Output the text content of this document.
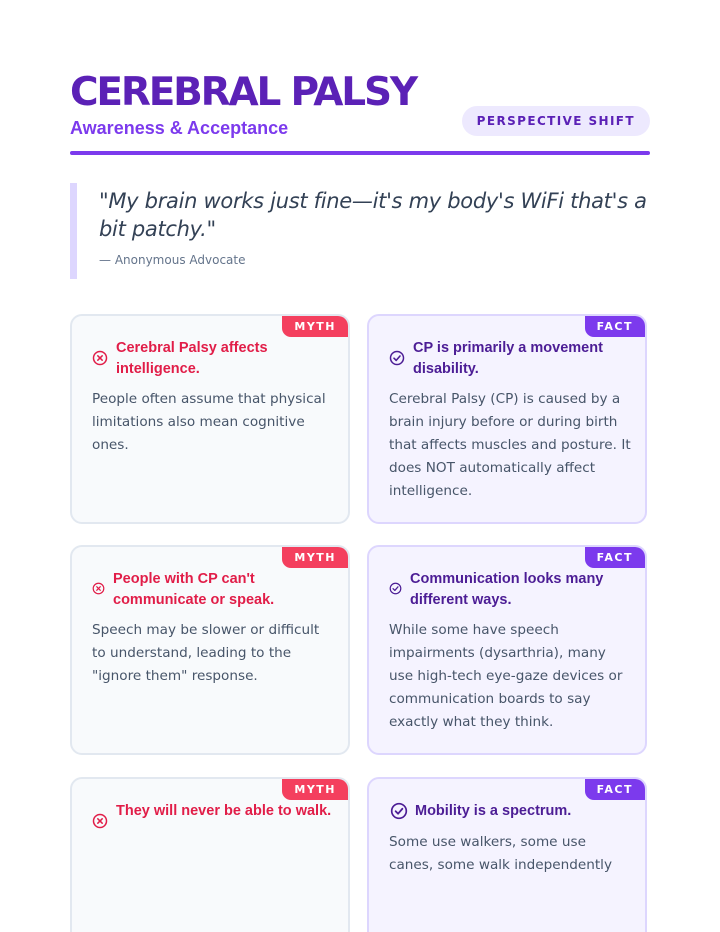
CEREBRAL PALSY
Awareness & Acceptance	PERSPECTIVE SHIFT
"My brain works just fine—it's my body's WiFi that's a bit patchy."
— Anonymous Advocate
MYTH
Cerebral Palsy affects intelligence.
People often assume that physical limitations also mean cognitive ones.
FACT
CP is primarily a movement disability.
Cerebral Palsy (CP) is caused by a brain injury before or during birth that affects muscles and posture. It does NOT automatically affect intelligence.
MYTH
People with CP can't communicate or speak.
Speech may be slower or difficult to understand, leading to the "ignore them" response.
FACT
Communication looks many different ways.
While some have speech impairments (dysarthria), many use high-tech eye-gaze devices or communication boards to say exactly what they think.
MYTH
They will never be able to walk.
FACT
Mobility is a spectrum.
Some use walkers, some use canes, some walk independently
